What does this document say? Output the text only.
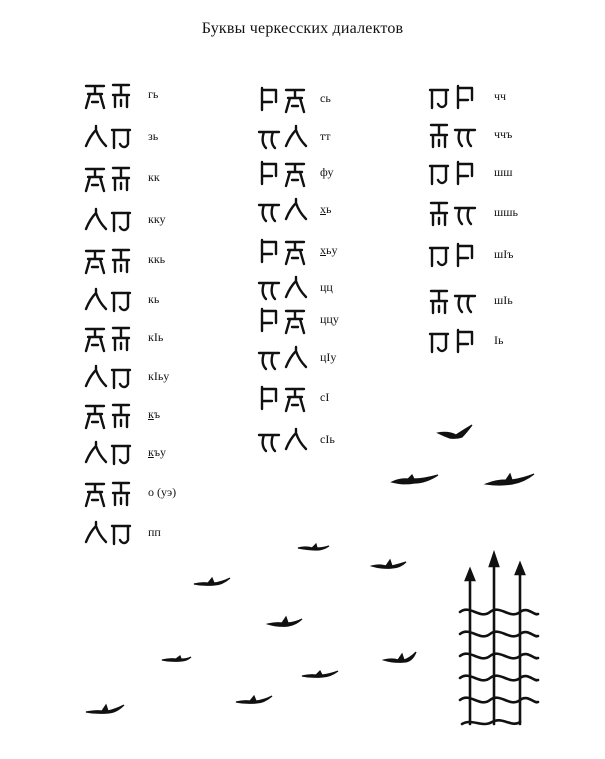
Буквы черкесских диалектов
гь
зь
кк
кку
ккь
кь
кIь
кIьу
къ
къу
о (уэ)
пп
сь
тт
фу
хь
хьу
цц
ццу
цIу
сI
сIь
чч
ччъ
шш
шшь
шIъ
шIь
Iь
